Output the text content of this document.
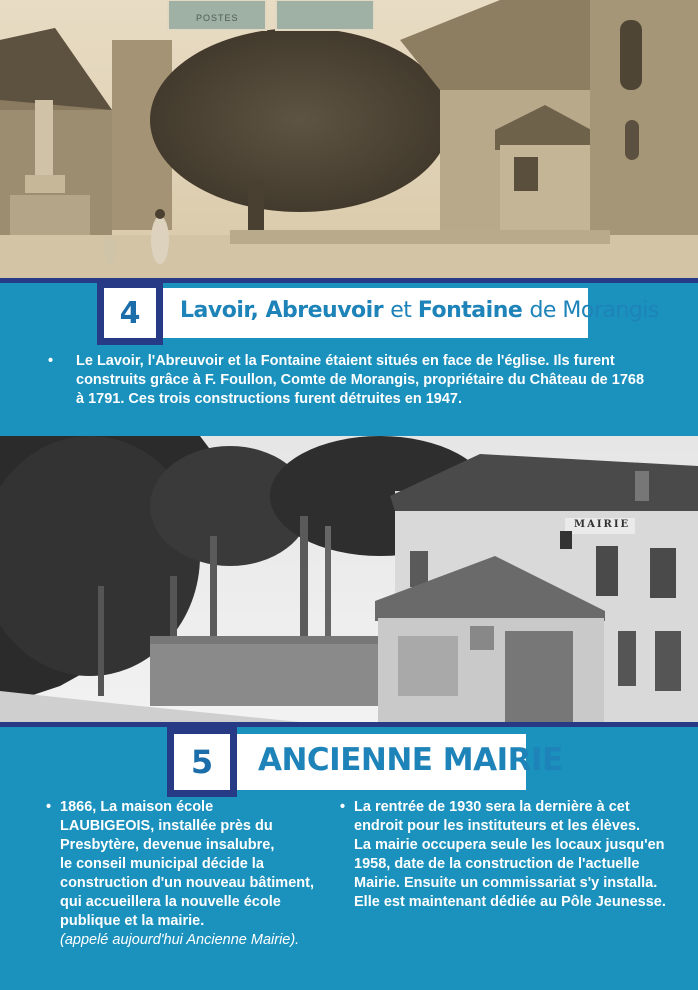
POSTES
4	Lavoir, Abreuvoir et Fontaine de Morangis
• Le Lavoir, l'Abreuvoir et la Fontaine étaient situés en face de l'église. Ils furent construits grâce à F. Foullon, Comte de Morangis, propriétaire du Château de 1768 à 1791. Ces trois constructions furent détruites en 1947.
MAIRIE
5	ANCIENNE MAIRIE
• 1866, La maison école
LAUBIGEOIS, installée près du
Presbytère, devenue insalubre,
le conseil municipal décide la
construction d'un nouveau bâtiment,
qui accueillera la nouvelle école
publique et la mairie.
(appelé aujourd'hui Ancienne Mairie).
• La rentrée de 1930 sera la dernière à cet
endroit pour les instituteurs et les élèves.
La mairie occupera seule les locaux jusqu'en
1958, date de la construction de l'actuelle
Mairie. Ensuite un commissariat s'y installa.
Elle est maintenant dédiée au Pôle Jeunesse.
